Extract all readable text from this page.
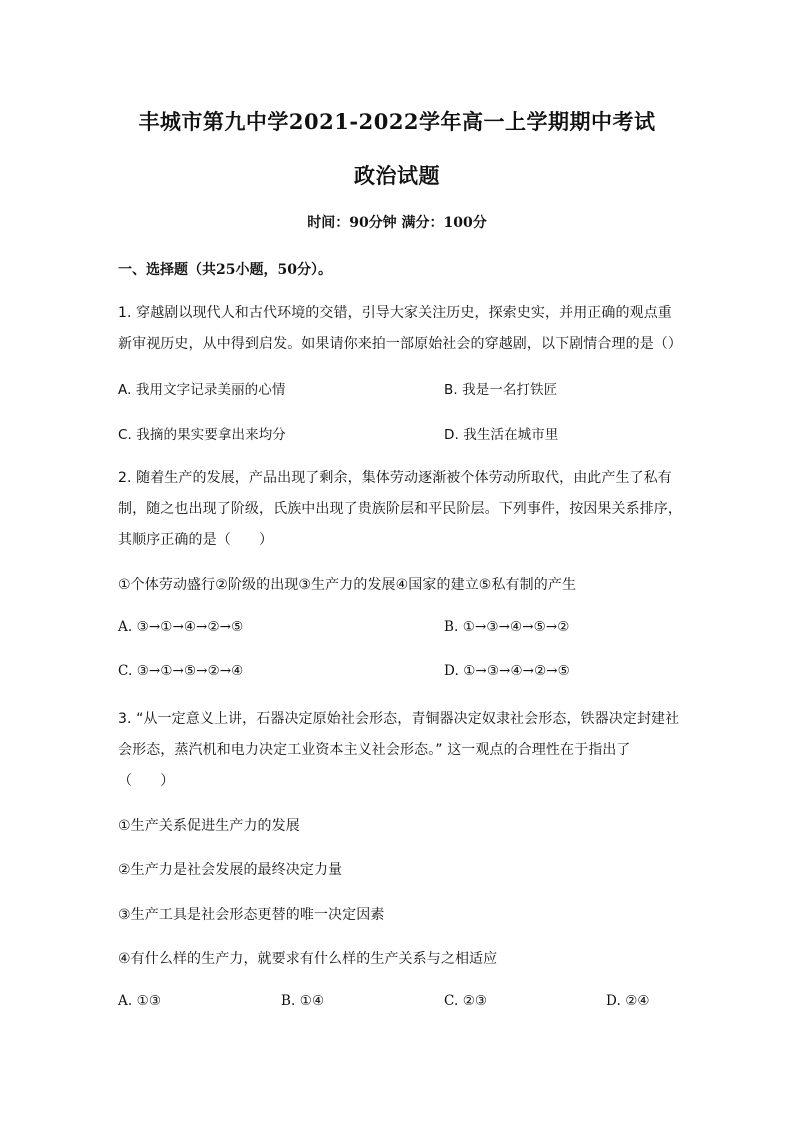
丰城市第九中学2021-2022学年高一上学期期中考试
政治试题
时间：90分钟 满分：100分
一、选择题（共25小题，50分）。
1. 穿越剧以现代人和古代环境的交错，引导大家关注历史，探索史实，并用正确的观点重
新审视历史，从中得到启发。如果请你来拍一部原始社会的穿越剧，以下剧情合理的是（）
A. 我用文字记录美丽的心情	B. 我是一名打铁匠
C. 我摘的果实要拿出来均分	D. 我生活在城市里
2. 随着生产的发展，产品出现了剩余，集体劳动逐渐被个体劳动所取代，由此产生了私有
制，随之也出现了阶级，氏族中出现了贵族阶层和平民阶层。下列事件，按因果关系排序，
其顺序正确的是（　　）
①个体劳动盛行②阶级的出现③生产力的发展④国家的建立⑤私有制的产生
A. ③→①→④→②→⑤	B. ①→③→④→⑤→②
C. ③→①→⑤→②→④	D. ①→③→④→②→⑤
3. “从一定意义上讲，石器决定原始社会形态，青铜器决定奴隶社会形态，铁器决定封建社
会形态，蒸汽机和电力决定工业资本主义社会形态。” 这一观点的合理性在于指出了
（　　）
①生产关系促进生产力的发展
②生产力是社会发展的最终决定力量
③生产工具是社会形态更替的唯一决定因素
④有什么样的生产力，就要求有什么样的生产关系与之相适应
A. ①③	B. ①④	C. ②③	D. ②④
